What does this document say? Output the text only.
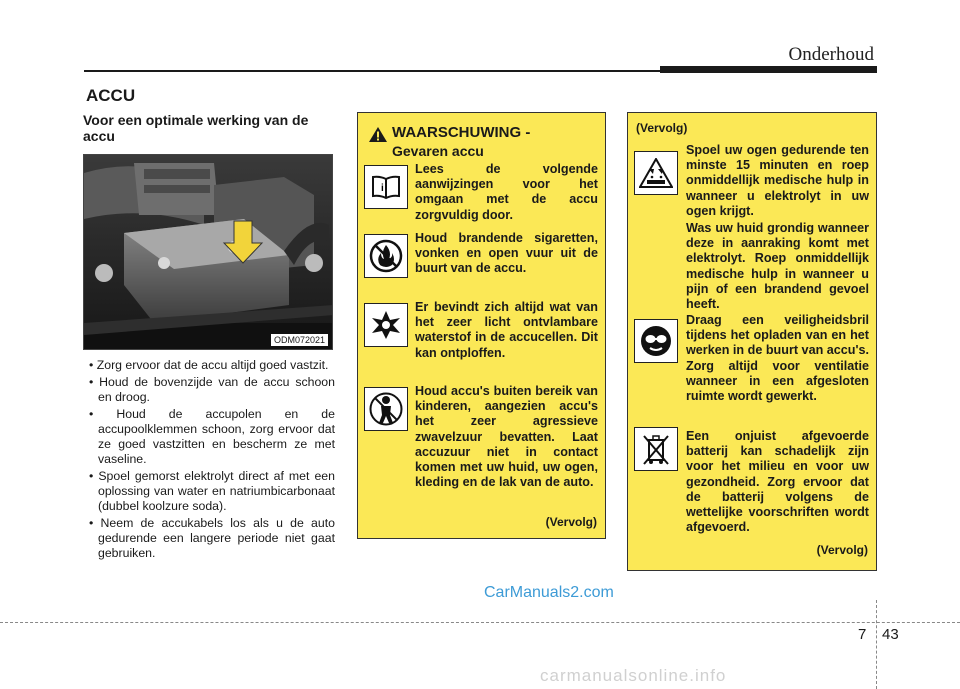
Onderhoud
ACCU
Voor een optimale werking van de accu
ODM072021
• Zorg ervoor dat de accu altijd goed vastzit.
• Houd de bovenzijde van de accu schoon en droog.
• Houd de accupolen en de accupoolklemmen schoon, zorg ervoor dat ze goed vastzitten en bescherm ze met vaseline.
• Spoel gemorst elektrolyt direct af met een oplossing van water en natriumbicarbonaat (dubbel koolzure soda).
• Neem de accukabels los als u de auto gedurende een langere periode niet gaat gebruiken.
WAARSCHUWING -
Gevaren accu
i
Lees de volgende aanwijzingen voor het omgaan met de accu zorgvuldig door.
Houd brandende sigaretten, vonken en open vuur uit de buurt van de accu.
Er bevindt zich altijd wat van het zeer licht ontvlambare waterstof in de accucellen. Dit kan ontploffen.
Houd accu's buiten bereik van kinderen, aangezien accu's het zeer agressieve zwavelzuur bevatten. Laat accuzuur niet in contact komen met uw huid, uw ogen, kleding en de lak van de auto.
(Vervolg)
(Vervolg)
Spoel uw ogen gedurende ten minste 15 minuten en roep onmiddellijk medische hulp in wanneer u elektrolyt in uw ogen krijgt.
Was uw huid grondig wanneer deze in aanraking komt met elektrolyt. Roep onmiddellijk medische hulp in wanneer u pijn of een brandend gevoel heeft.
Draag een veiligheidsbril tijdens het opladen van en het werken in de buurt van accu's. Zorg altijd voor ventilatie wanneer in een afgesloten ruimte wordt gewerkt.
Een onjuist afgevoerde batterij kan schadelijk zijn voor het milieu en voor uw gezondheid. Zorg ervoor dat de batterij volgens de wettelijke voorschriften wordt afgevoerd.
(Vervolg)
CarManuals2.com
7 43
carmanualsonline.info
